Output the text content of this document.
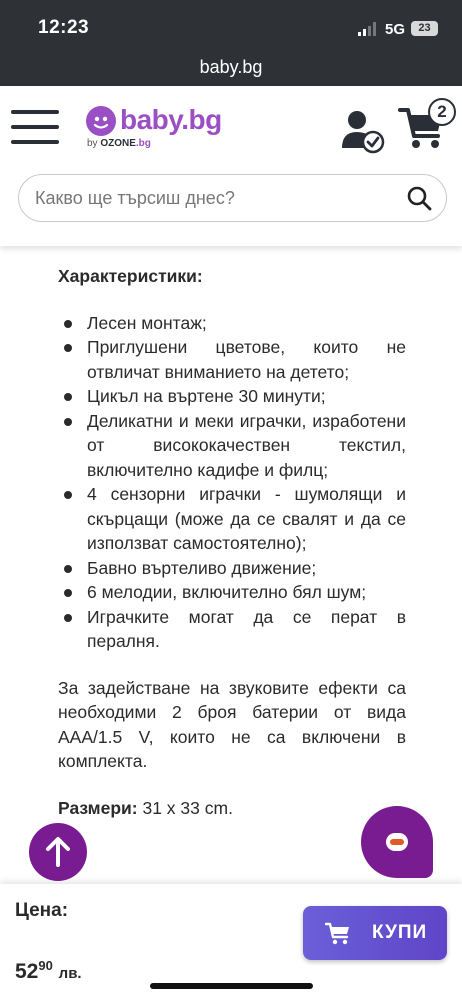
12:23	5G	23
baby.bg
baby.bg
by OZONE.bg
2
Какво ще търсиш днес?
Характеристики:
Лесен монтаж;
Приглушени цветове, които не отвличат вниманието на детето;
Цикъл на въртене 30 минути;
Деликатни и меки играчки, изработени от висококачествен текстил, включително кадифе и филц;
4 сензорни играчки - шумолящи и скърцащи (може да се свалят и да се използват самостоятелно);
Бавно въртеливо движение;
6 мелодии, включително бял шум;
Играчките могат да се перат в пералня.

За задействане на звуковите ефекти са необходими 2 броя батерии от вида AAA/1.5 V, които не са включени в комплекта.

Размери: 31 x 33 cm.

Цена:
$52^{90}$ лв.
КУПИ
